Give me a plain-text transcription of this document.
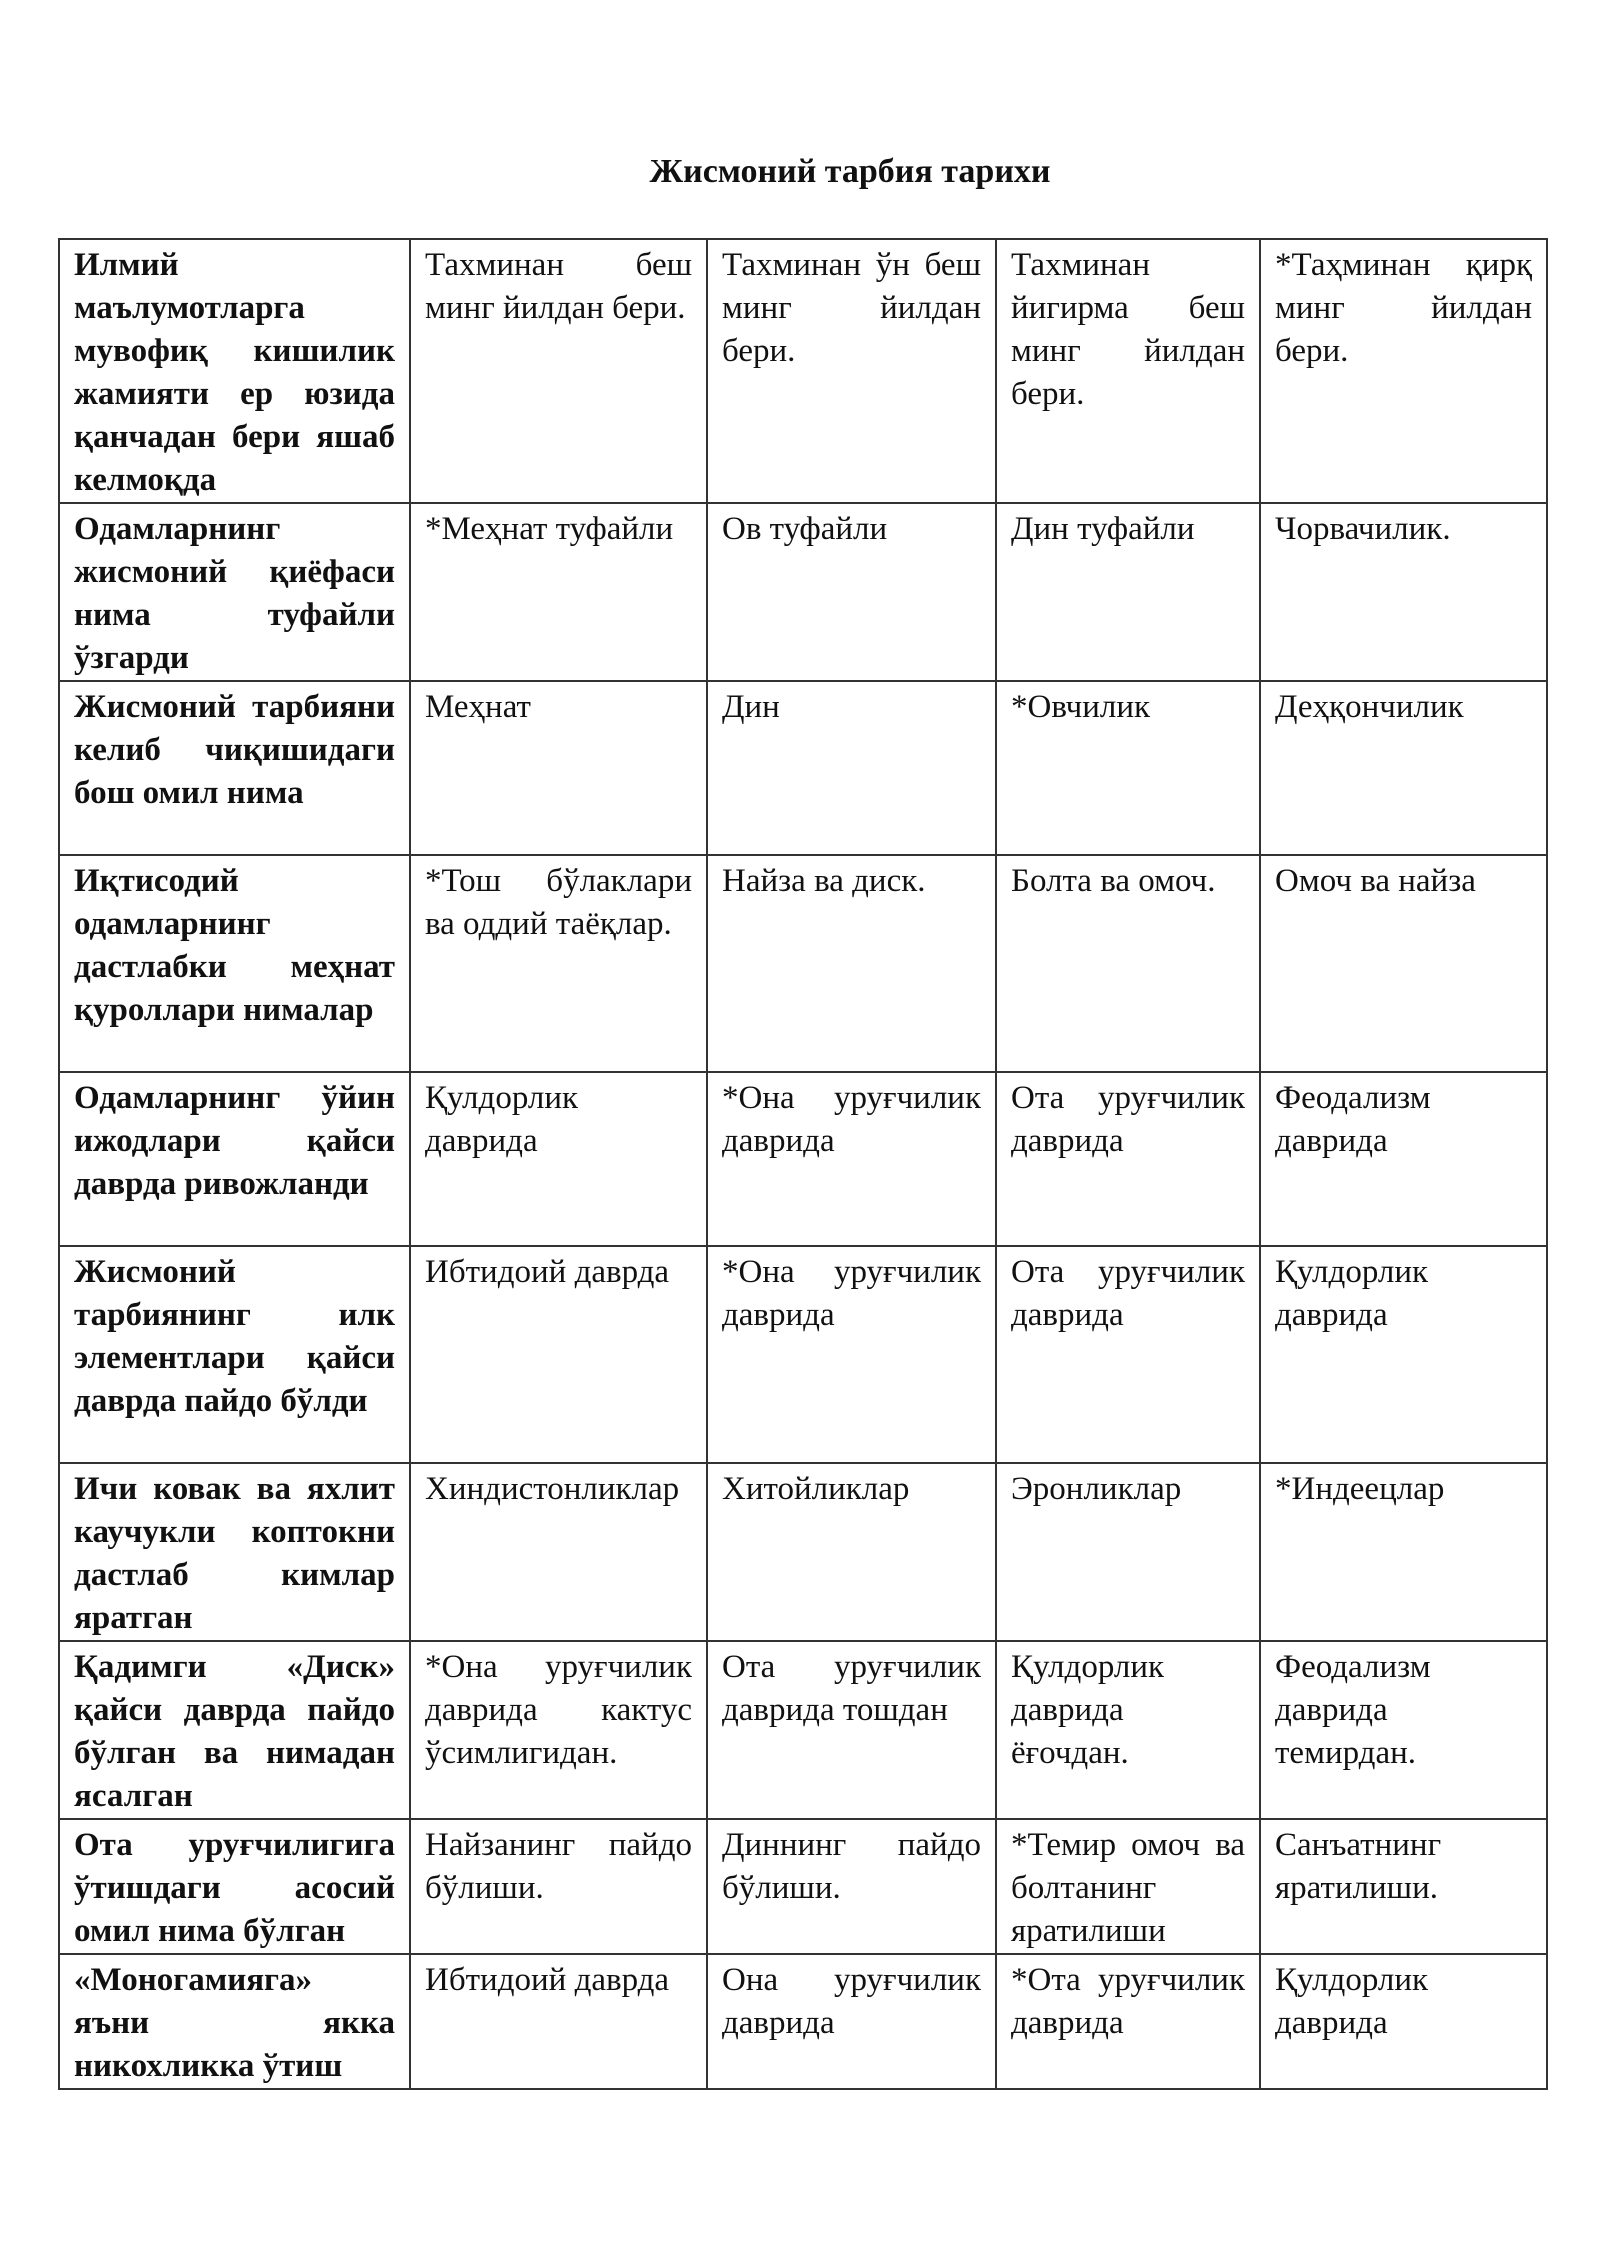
Жисмоний тарбия тарихи
Илмий маълумотларга мувофиқ кишилик жамияти ер юзида қанчадан бери яшаб келмоқда	Тахминан беш минг йилдан бери.	Тахминан ўн беш минг йилдан бери.	Тахминан йигирма беш минг йилдан бери.	*Таҳминан қирқ минг йилдан бери.
Одамларнинг жисмоний қиёфаси нима туфайли ўзгарди	*Меҳнат туфайли	Ов туфайли	Дин туфайли	Чорвачилик.
Жисмоний тарбияни келиб чиқишидаги бош омил нима	Меҳнат	Дин	*Овчилик	Деҳқончилик
Иқтисодий одамларнинг дастлабки меҳнат қуроллари нималар	*Тош бўлаклари ва оддий таёқлар.	Найза ва диск.	Болта ва омоч.	Омоч ва найза
Одамларнинг ўйин ижодлари қайси даврда ривожланди	Қулдорлик даврида	*Она уруғчилик даврида	Ота уруғчилик даврида	Феодализм даврида
Жисмоний тарбиянинг илк элементлари қайси даврда пайдо бўлди	Ибтидоий даврда	*Она уруғчилик даврида	Ота уруғчилик даврида	Қулдорлик даврида
Ичи ковак ва яхлит каучукли коптокни дастлаб кимлар яратган	Хиндистонликлар	Хитойликлар	Эронликлар	*Индеецлар
Қадимги «Диск» қайси даврда пайдо бўлган ва нимадан ясалган	*Она уруғчилик даврида кактус ўсимлигидан.	Ота уруғчилик даврида тошдан	Қулдорлик даврида ёғочдан.	Феодализм даврида темирдан.
Ота уруғчилигига ўтишдаги асосий омил нима бўлган	Найзанинг пайдо бўлиши.	Диннинг пайдо бўлиши.	*Темир омоч ва болтанинг яратилиши	Санъатнинг яратилиши.
«Моногамияга» яъни якка никохликка ўтиш	Ибтидоий даврда	Она уруғчилик даврида	*Ота уруғчилик даврида	Қулдорлик даврида
